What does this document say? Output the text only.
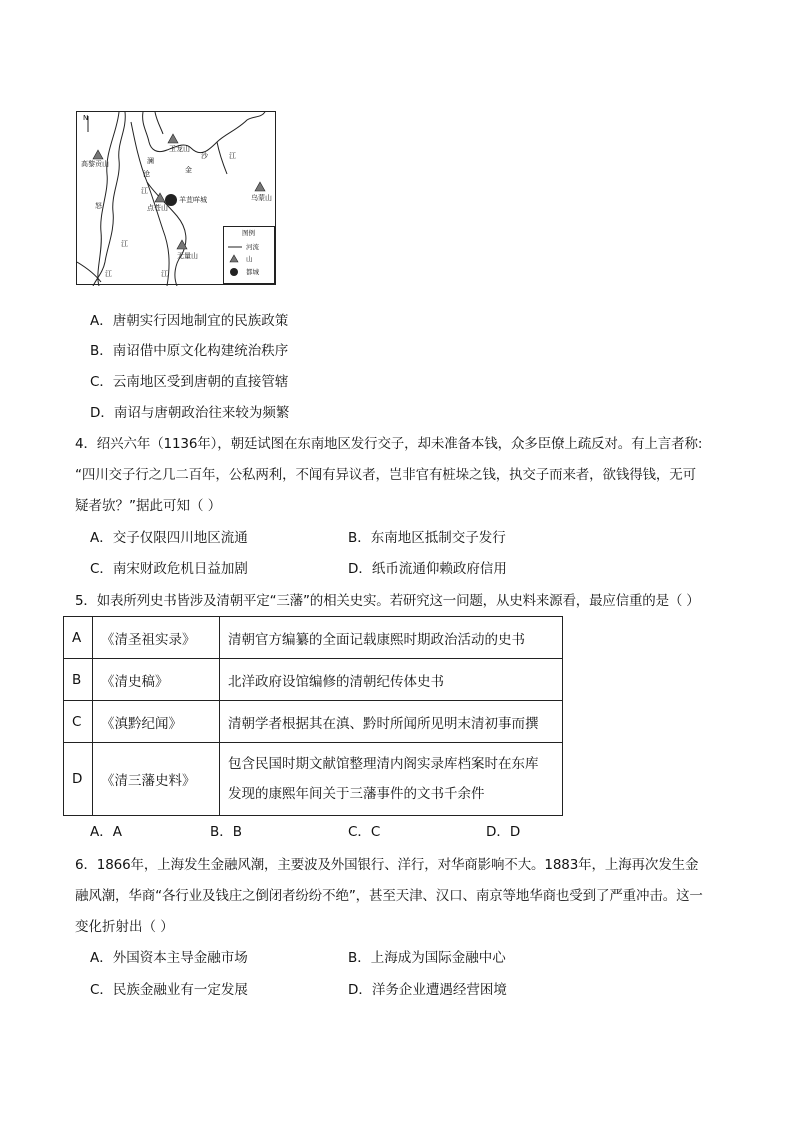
N
高黎贡山
玉龙山
金
沙	江
澜
沧
江
怒
江
羊苴咩城
点苍山
乌蒙山
无量山
江	江
图例
河流
山
都城
A．唐朝实行因地制宜的民族政策
B．南诏借中原文化构建统治秩序
C．云南地区受到唐朝的直接管辖
D．南诏与唐朝政治往来较为频繁
4．绍兴六年（1136年），朝廷试图在东南地区发行交子，却未准备本钱，众多臣僚上疏反对。有上言者称:
“四川交子行之几二百年，公私两利，不闻有异议者，岂非官有桩垛之钱，执交子而来者，欲钱得钱，无可
疑者欤？”据此可知（ ）
A．交子仅限四川地区流通	B．东南地区抵制交子发行
C．南宋财政危机日益加剧	D．纸币流通仰赖政府信用
5．如表所列史书皆涉及清朝平定“三藩”的相关史实。若研究这一问题，从史料来源看，最应信重的是（ ）
A	《清圣祖实录》	清朝官方编纂的全面记载康熙时期政治活动的史书
B	《清史稿》	北洋政府设馆编修的清朝纪传体史书
C	《滇黔纪闻》	清朝学者根据其在滇、黔时所闻所见明末清初事而撰
D	《清三藩史料》	包含民国时期文献馆整理清内阁实录库档案时在东库
发现的康熙年间关于三藩事件的文书千余件
A．A	B．B	C．C	D．D
6．1866年，上海发生金融风潮，主要波及外国银行、洋行，对华商影响不大。1883年，上海再次发生金
融风潮，华商“各行业及钱庄之倒闭者纷纷不绝”，甚至天津、汉口、南京等地华商也受到了严重冲击。这一
变化折射出（ ）
A．外国资本主导金融市场	B．上海成为国际金融中心
C．民族金融业有一定发展	D．洋务企业遭遇经营困境
